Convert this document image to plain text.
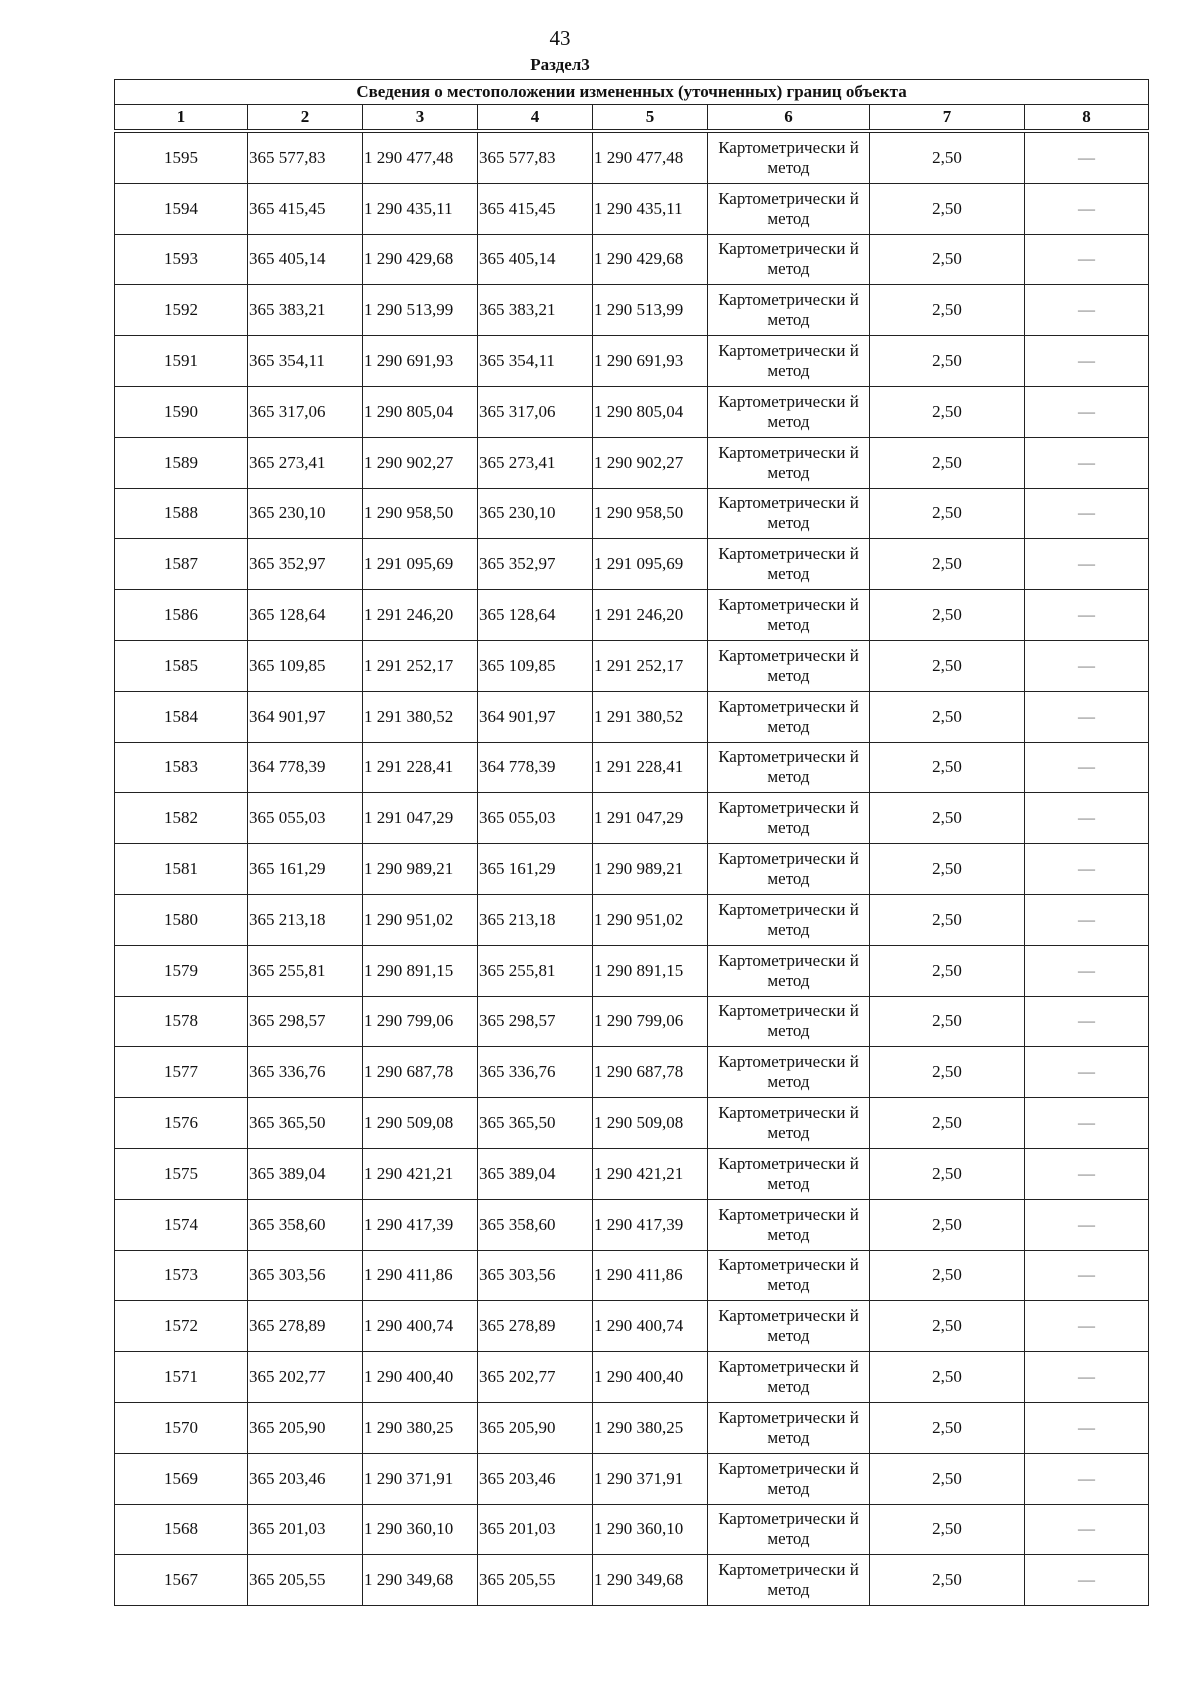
43
Раздел3
Сведения о местоположении измененных (уточненных) границ объекта							
1	2	3	4	5	6	7	8

1595	365 577,83	1 290 477,48	365 577,83	1 290 477,48	Картометрически й метод	2,50	—
1594	365 415,45	1 290 435,11	365 415,45	1 290 435,11	Картометрически й метод	2,50	—
1593	365 405,14	1 290 429,68	365 405,14	1 290 429,68	Картометрически й метод	2,50	—
1592	365 383,21	1 290 513,99	365 383,21	1 290 513,99	Картометрически й метод	2,50	—
1591	365 354,11	1 290 691,93	365 354,11	1 290 691,93	Картометрически й метод	2,50	—
1590	365 317,06	1 290 805,04	365 317,06	1 290 805,04	Картометрически й метод	2,50	—
1589	365 273,41	1 290 902,27	365 273,41	1 290 902,27	Картометрически й метод	2,50	—
1588	365 230,10	1 290 958,50	365 230,10	1 290 958,50	Картометрически й метод	2,50	—
1587	365 352,97	1 291 095,69	365 352,97	1 291 095,69	Картометрически й метод	2,50	—
1586	365 128,64	1 291 246,20	365 128,64	1 291 246,20	Картометрически й метод	2,50	—
1585	365 109,85	1 291 252,17	365 109,85	1 291 252,17	Картометрически й метод	2,50	—
1584	364 901,97	1 291 380,52	364 901,97	1 291 380,52	Картометрически й метод	2,50	—
1583	364 778,39	1 291 228,41	364 778,39	1 291 228,41	Картометрически й метод	2,50	—
1582	365 055,03	1 291 047,29	365 055,03	1 291 047,29	Картометрически й метод	2,50	—
1581	365 161,29	1 290 989,21	365 161,29	1 290 989,21	Картометрически й метод	2,50	—
1580	365 213,18	1 290 951,02	365 213,18	1 290 951,02	Картометрически й метод	2,50	—
1579	365 255,81	1 290 891,15	365 255,81	1 290 891,15	Картометрически й метод	2,50	—
1578	365 298,57	1 290 799,06	365 298,57	1 290 799,06	Картометрически й метод	2,50	—
1577	365 336,76	1 290 687,78	365 336,76	1 290 687,78	Картометрически й метод	2,50	—
1576	365 365,50	1 290 509,08	365 365,50	1 290 509,08	Картометрически й метод	2,50	—
1575	365 389,04	1 290 421,21	365 389,04	1 290 421,21	Картометрически й метод	2,50	—
1574	365 358,60	1 290 417,39	365 358,60	1 290 417,39	Картометрически й метод	2,50	—
1573	365 303,56	1 290 411,86	365 303,56	1 290 411,86	Картометрически й метод	2,50	—
1572	365 278,89	1 290 400,74	365 278,89	1 290 400,74	Картометрически й метод	2,50	—
1571	365 202,77	1 290 400,40	365 202,77	1 290 400,40	Картометрически й метод	2,50	—
1570	365 205,90	1 290 380,25	365 205,90	1 290 380,25	Картометрически й метод	2,50	—
1569	365 203,46	1 290 371,91	365 203,46	1 290 371,91	Картометрически й метод	2,50	—
1568	365 201,03	1 290 360,10	365 201,03	1 290 360,10	Картометрически й метод	2,50	—
1567	365 205,55	1 290 349,68	365 205,55	1 290 349,68	Картометрически й метод	2,50	—
